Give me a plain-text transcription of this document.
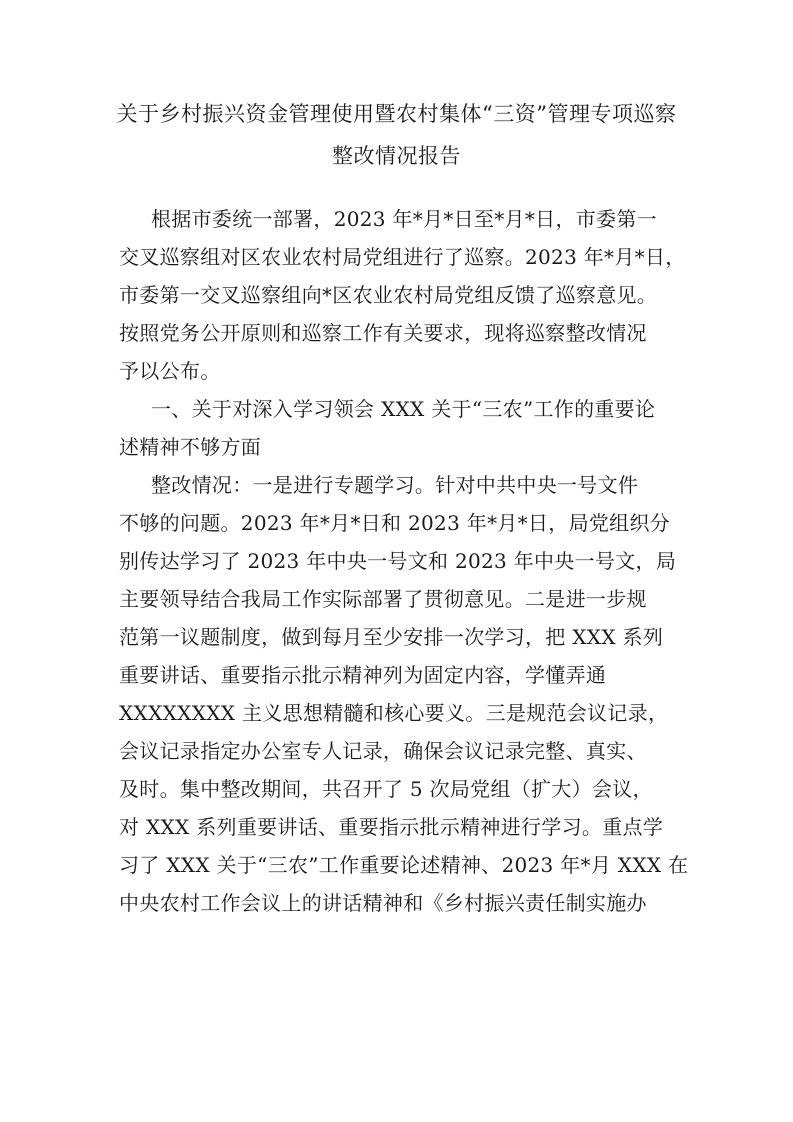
关于乡村振兴资金管理使用暨农村集体“三资”管理专项巡察
整改情况报告
根据市委统一部署，2023 年*月*日至*月*日，市委第一
交叉巡察组对区农业农村局党组进行了巡察。2023 年*月*日，
市委第一交叉巡察组向*区农业农村局党组反馈了巡察意见。
按照党务公开原则和巡察工作有关要求，现将巡察整改情况
予以公布。
一、关于对深入学习领会 XXX 关于“三农”工作的重要论
述精神不够方面
整改情况：一是进行专题学习。针对中共中央一号文件
不够的问题。2023 年*月*日和 2023 年*月*日，局党组织分
别传达学习了 2023 年中央一号文和 2023 年中央一号文，局
主要领导结合我局工作实际部署了贯彻意见。二是进一步规
范第一议题制度，做到每月至少安排一次学习，把 XXX 系列
重要讲话、重要指示批示精神列为固定内容，学懂弄通
XXXXXXXX 主义思想精髓和核心要义。三是规范会议记录，
会议记录指定办公室专人记录，确保会议记录完整、真实、
及时。集中整改期间，共召开了 5 次局党组（扩大）会议，
对 XXX 系列重要讲话、重要指示批示精神进行学习。重点学
习了 XXX 关于“三农”工作重要论述精神、2023 年*月 XXX 在
中央农村工作会议上的讲话精神和《乡村振兴责任制实施办
